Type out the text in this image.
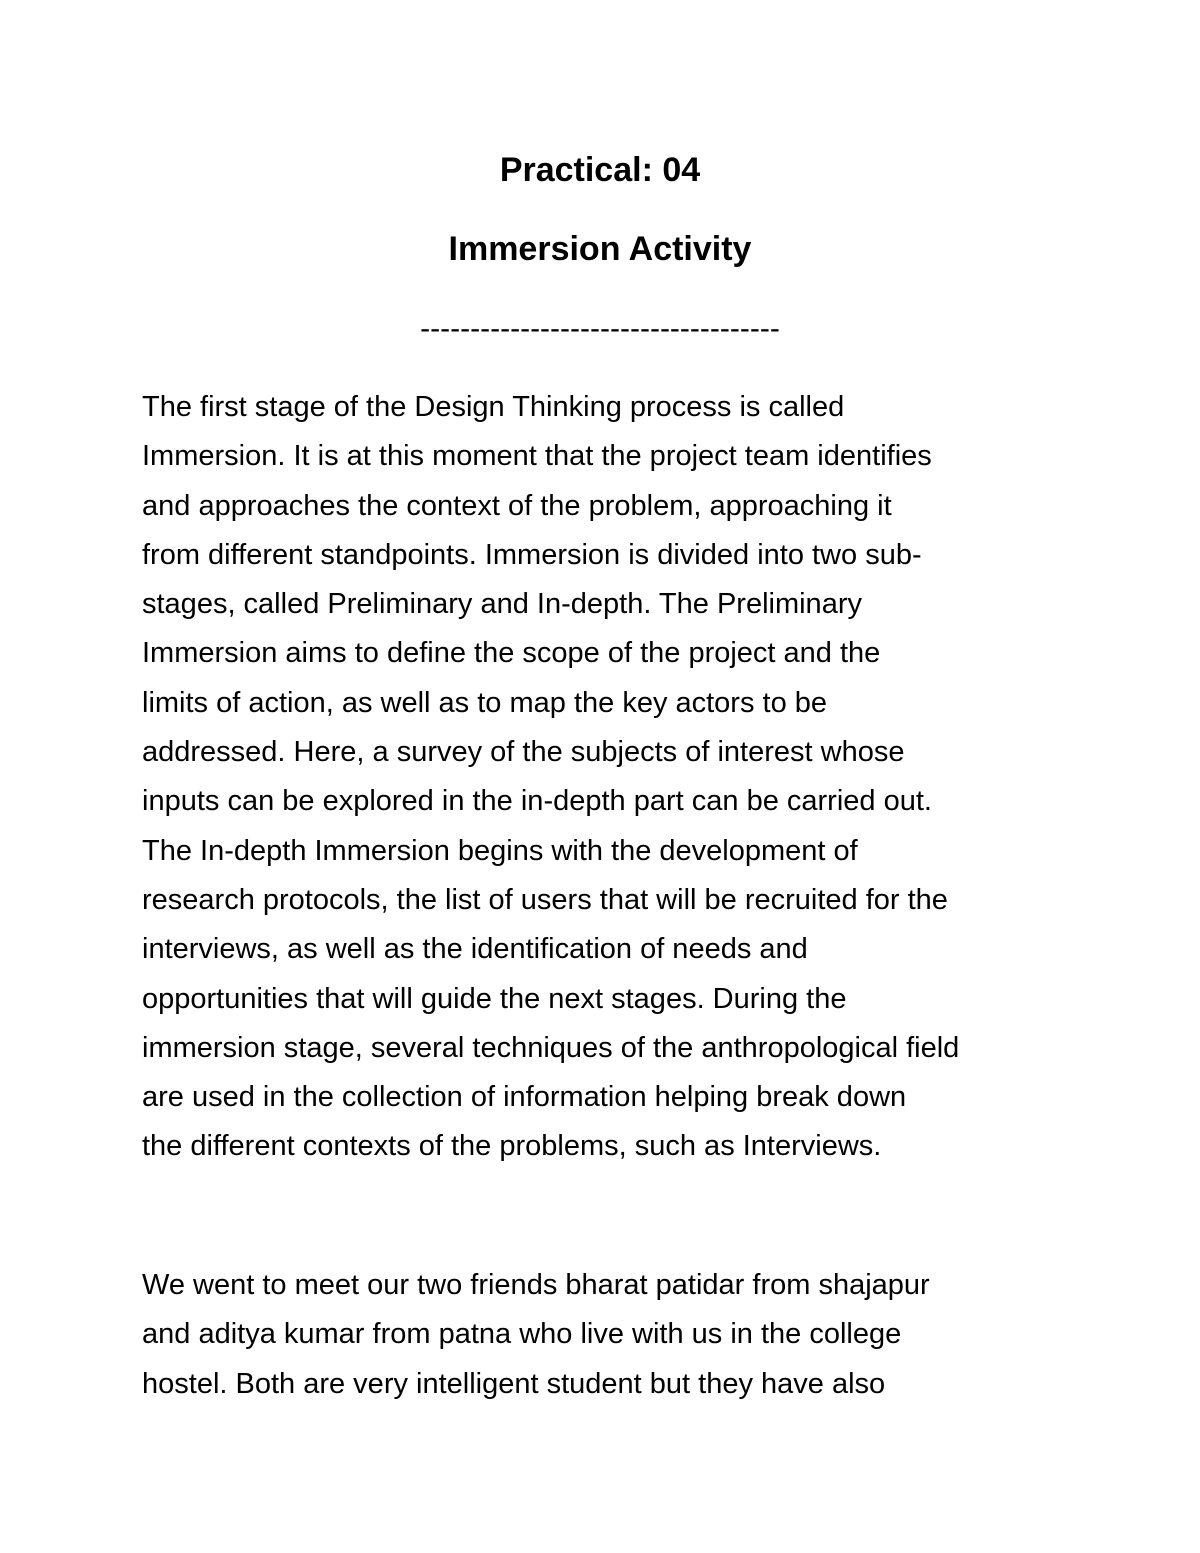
Practical: 04
Immersion Activity
------------------------------------

The first stage of the Design Thinking process is called
Immersion. It is at this moment that the project team identifies
and approaches the context of the problem, approaching it
from different standpoints. Immersion is divided into two sub-
stages, called Preliminary and In-depth. The Preliminary
Immersion aims to define the scope of the project and the
limits of action, as well as to map the key actors to be
addressed. Here, a survey of the subjects of interest whose
inputs can be explored in the in-depth part can be carried out.
The In-depth Immersion begins with the development of
research protocols, the list of users that will be recruited for the
interviews, as well as the identification of needs and
opportunities that will guide the next stages. During the
immersion stage, several techniques of the anthropological field
are used in the collection of information helping break down
the different contexts of the problems, such as Interviews.

We went to meet our two friends bharat patidar from shajapur
and aditya kumar from patna who live with us in the college
hostel. Both are very intelligent student but they have also
